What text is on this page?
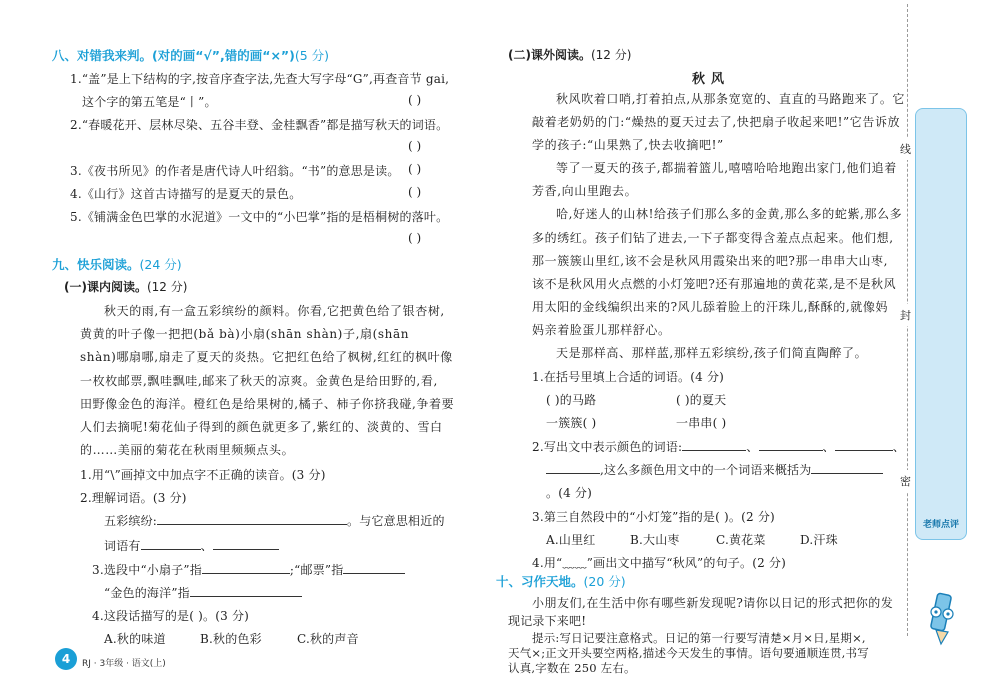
八、对错我来判。(对的画“√”,错的画“×”)(5 分)
1.“盖”是上下结构的字,按音序查字法,先查大写字母“G”,再查音节 gai,
这个字的第五笔是“丨”。	( )
2.“春暖花开、层林尽染、五谷丰登、金桂飘香”都是描写秋天的词语。
( )
3.《夜书所见》的作者是唐代诗人叶绍翁。“书”的意思是读。 ( )
4.《山行》这首古诗描写的是夏天的景色。	( )
5.《铺满金色巴掌的水泥道》一文中的“小巴掌”指的是梧桐树的落叶。
( )
九、快乐阅读。(24 分)
(一)课内阅读。(12 分)
秋天的雨,有一盒五彩缤纷的颜料。你看,它把黄色给了银杏树,
黄黄的叶子像一把把(bǎ bà)小扇(shān shàn)子,扇(shān
shàn)哪扇哪,扇走了夏天的炎热。它把红色给了枫树,红红的枫叶像
一枚枚邮票,飘哇飘哇,邮来了秋天的凉爽。金黄色是给田野的,看,
田野像金色的海洋。橙红色是给果树的,橘子、柿子你挤我碰,争着要
人们去摘呢!菊花仙子得到的颜色就更多了,紫红的、淡黄的、雪白
的……美丽的菊花在秋雨里频频点头。
1.用“\”画掉文中加点字不正确的读音。(3 分)
2.理解词语。(3 分)
五彩缤纷:	。与它意思相近的
词语有	、
3.选段中“小扇子”指	;“邮票”指
“金色的海洋”指
4.这段话描写的是( )。(3 分)
A.秋的味道	B.秋的色彩	C.秋的声音
4	RJ · 3年级 · 语文(上)
(二)课外阅读。(12 分)
秋风
秋风吹着口哨,打着拍点,从那条宽宽的、直直的马路跑来了。它
敲着老奶奶的门:“燥热的夏天过去了,快把扇子收起来吧!”它告诉放
学的孩子:“山果熟了,快去收摘吧!”
等了一夏天的孩子,都揣着篮儿,嘻嘻哈哈地跑出家门,他们追着
芳香,向山里跑去。
哈,好迷人的山林!给孩子们那么多的金黄,那么多的蛇紫,那么多
多的绣红。孩子们钻了进去,一下子都变得含羞点点起来。他们想,
那一簇簇山里红,该不会是秋风用霞染出来的吧?那一串串大山枣,
该不是秋风用火点燃的小灯笼吧?还有那遍地的黄花菜,是不是秋风
用太阳的金线编织出来的?风儿舔着脸上的汗珠儿,酥酥的,就像妈
妈亲着脸蛋儿那样舒心。
天是那样高、那样蓝,那样五彩缤纷,孩子们简直陶醉了。
1.在括号里填上合适的词语。(4 分)
( )的马路	( )的夏天
一簇簇( )	一串串( )
2.写出文中表示颜色的词语:	、	、	、
,这么多颜色用文中的一个词语来概括为
。(4 分)
3.第三自然段中的“小灯笼”指的是( )。(2 分)
A.山里红	B.大山枣	C.黄花菜	D.汗珠
4.用“﹏﹏”画出文中描写“秋风”的句子。(2 分)
十、习作天地。(20 分)
小朋友们,在生活中你有哪些新发现呢?请你以日记的形式把你的发
现记录下来吧!
线
封
密
老师点评
提示:写日记要注意格式。日记的第一行要写清楚×月×日,星期×,
天气×;正文开头要空两格,描述今天发生的事情。语句要通顺连贯,书写
认真,字数在 250 左右。
